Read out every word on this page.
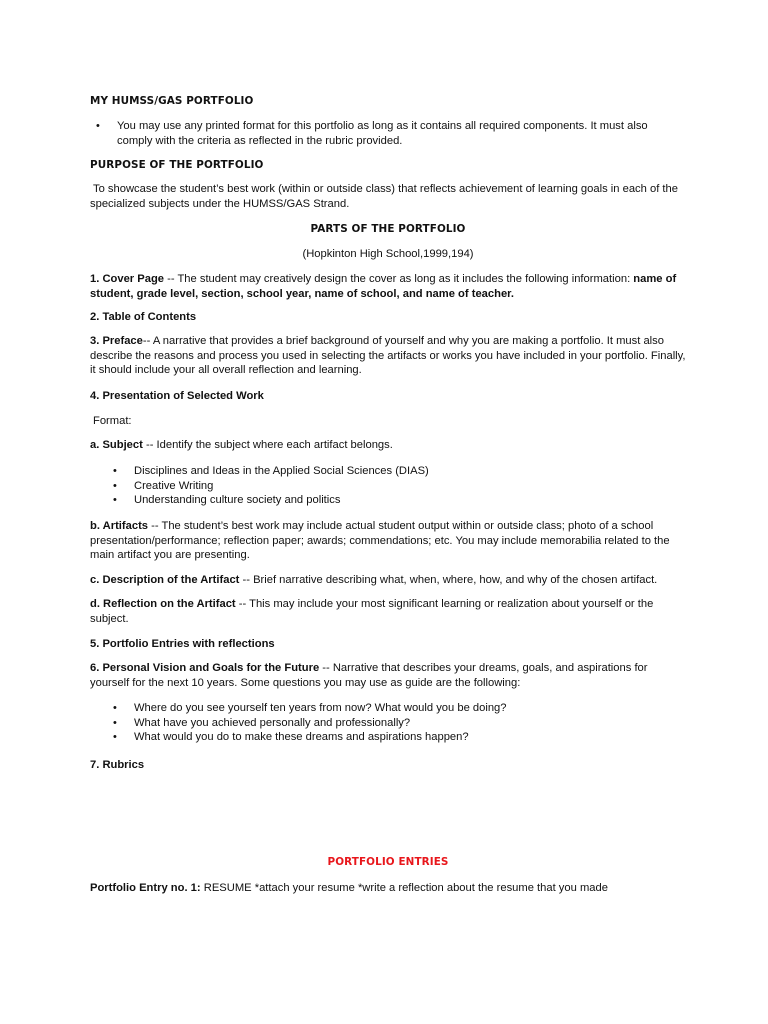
MY HUMSS/GAS PORTFOLIO

• You may use any printed format for this portfolio as long as it contains all required components. It must also comply with the criteria as reflected in the rubric provided.

PURPOSE OF THE PORTFOLIO

To showcase the student’s best work (within or outside class) that reflects achievement of learning goals in each of the specialized subjects under the HUMSS/GAS Strand.

PARTS OF THE PORTFOLIO

(Hopkinton High School,1999,194)

1. Cover Page -- The student may creatively design the cover as long as it includes the following information: name of student, grade level, section, school year, name of school, and name of teacher.

2. Table of Contents

3. Preface-- A narrative that provides a brief background of yourself and why you are making a portfolio. It must also describe the reasons and process you used in selecting the artifacts or works you have included in your portfolio. Finally, it should include your all overall reflection and learning.

4. Presentation of Selected Work

Format:

a. Subject -- Identify the subject where each artifact belongs.

• Disciplines and Ideas in the Applied Social Sciences (DIAS)
• Creative Writing
• Understanding culture society and politics

b. Artifacts -- The student’s best work may include actual student output within or outside class; photo of a school presentation/performance; reflection paper; awards; commendations; etc. You may include memorabilia related to the main artifact you are presenting.

c. Description of the Artifact -- Brief narrative describing what, when, where, how, and why of the chosen artifact.

d. Reflection on the Artifact -- This may include your most significant learning or realization about yourself or the subject.

5. Portfolio Entries with reflections

6. Personal Vision and Goals for the Future -- Narrative that describes your dreams, goals, and aspirations for yourself for the next 10 years. Some questions you may use as guide are the following:

• Where do you see yourself ten years from now? What would you be doing?
• What have you achieved personally and professionally?
• What would you do to make these dreams and aspirations happen?

7. Rubrics

PORTFOLIO ENTRIES

Portfolio Entry no. 1: RESUME *attach your resume *write a reflection about the resume that you made
